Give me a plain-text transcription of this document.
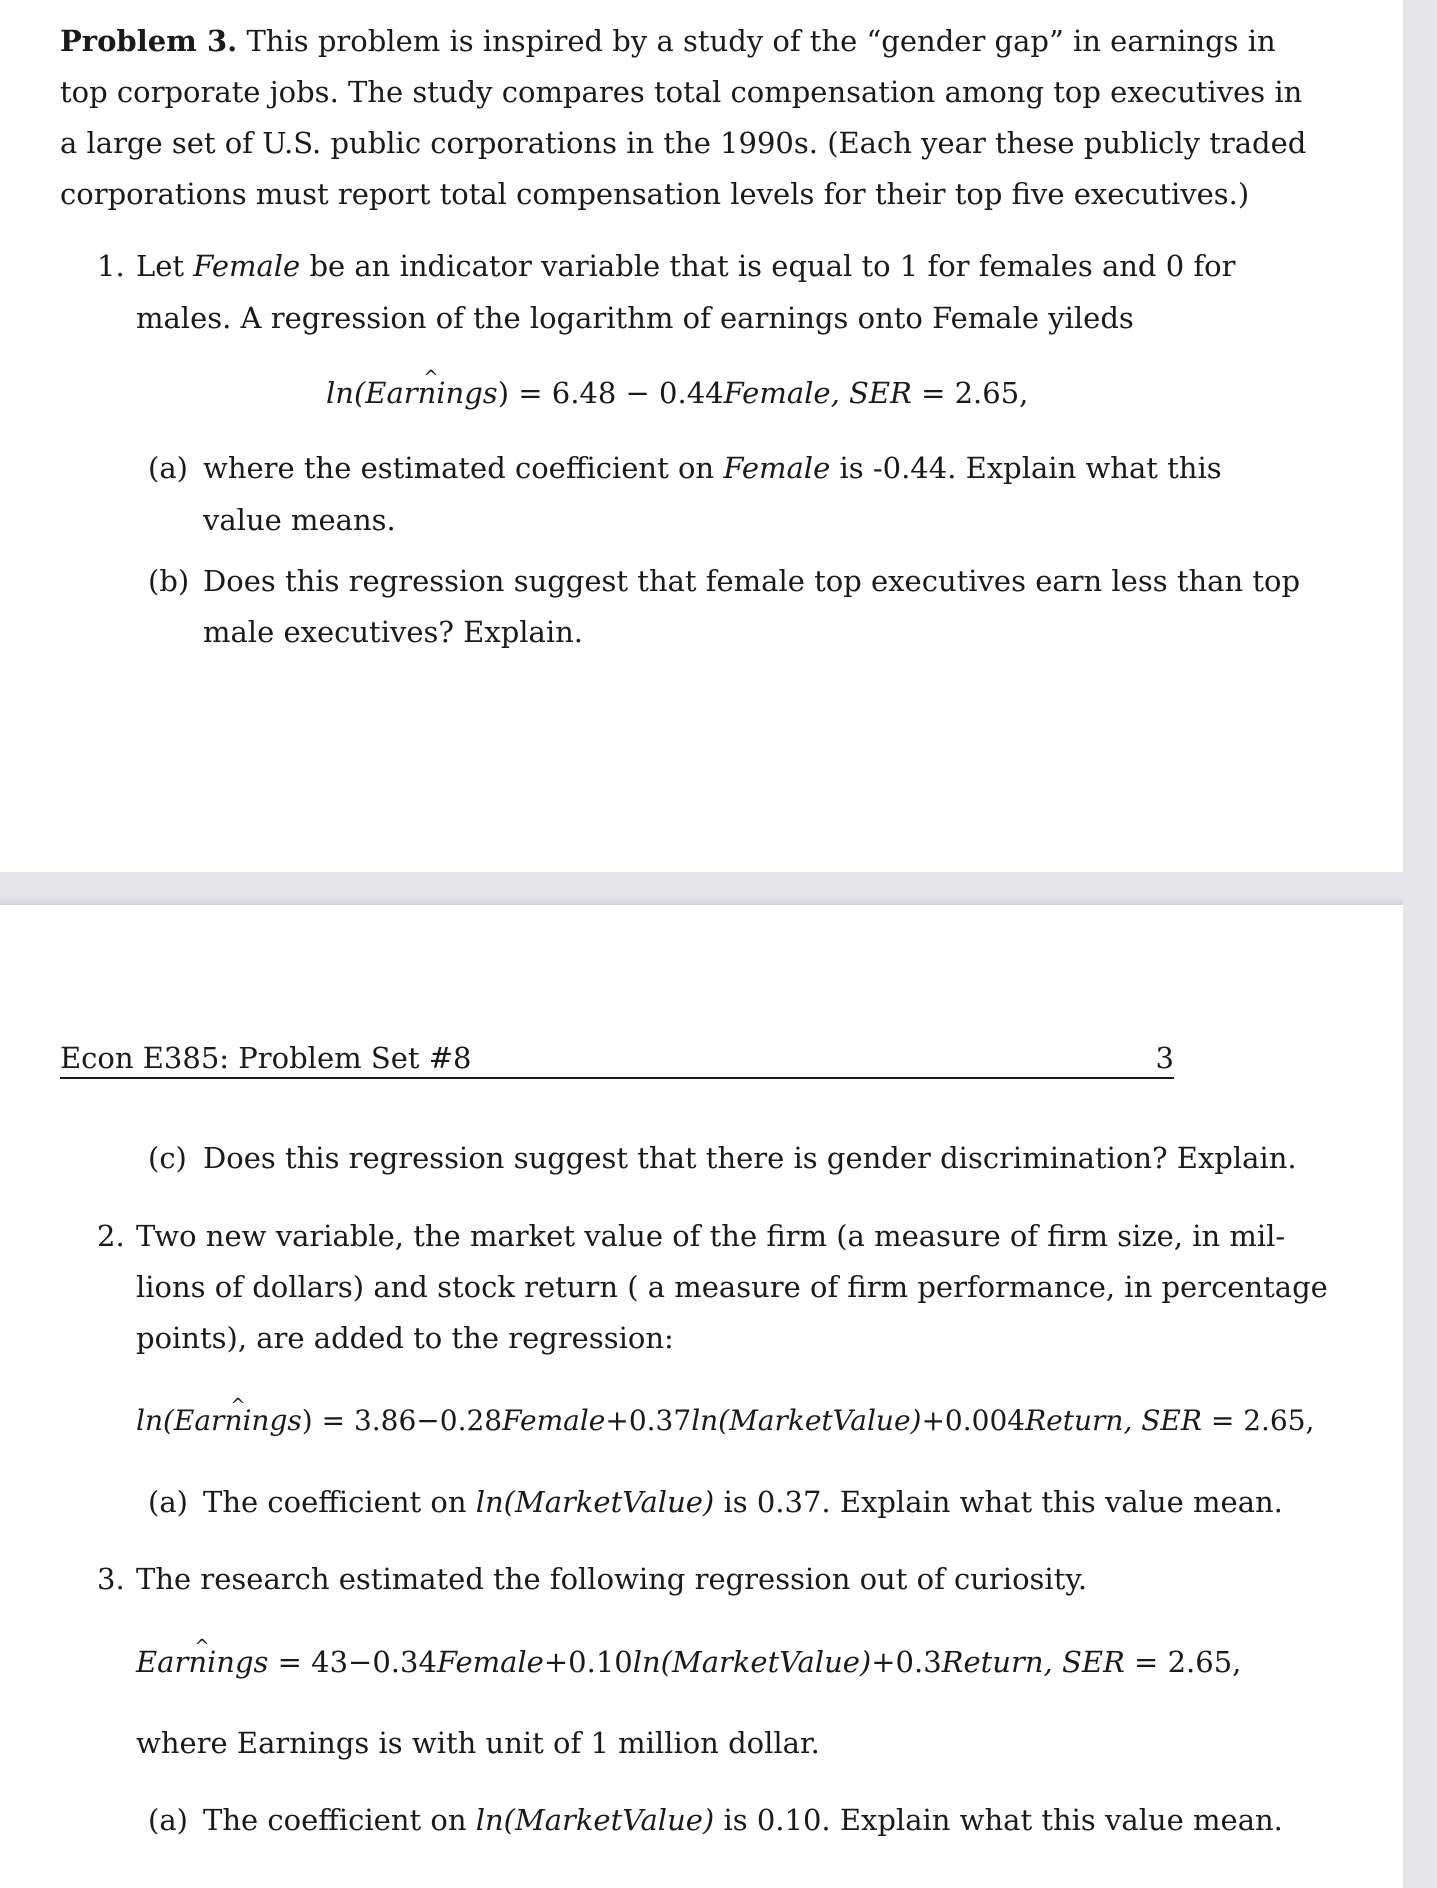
Problem 3. This problem is inspired by a study of the “gender gap” in earnings in
top corporate jobs. The study compares total compensation among top executives in
a large set of U.S. public corporations in the 1990s. (Each year these publicly traded
corporations must report total compensation levels for their top five executives.)
1. Let Female be an indicator variable that is equal to 1 for females and 0 for
males. A regression of the logarithm of earnings onto Female yileds
ln(Earnings ^) = 6.48 − 0.44Female, SER = 2.65,
(a) where the estimated coefficient on Female is -0.44. Explain what this
value means.
(b) Does this regression suggest that female top executives earn less than top
male executives? Explain.
Econ E385: Problem Set #8	3
(c) Does this regression suggest that there is gender discrimination? Explain.
2. Two new variable, the market value of the firm (a measure of firm size, in mil-
lions of dollars) and stock return ( a measure of firm performance, in percentage
points), are added to the regression:
ln(Earnings ^) = 3.86−0.28Female+0.37ln(MarketValue)+0.004Return, SER = 2.65,
(a) The coefficient on ln(MarketValue) is 0.37. Explain what this value mean.
3. The research estimated the following regression out of curiosity.
Earnings ^ = 43−0.34Female+0.10ln(MarketValue)+0.3Return, SER = 2.65,
where Earnings is with unit of 1 million dollar.
(a) The coefficient on ln(MarketValue) is 0.10. Explain what this value mean.
